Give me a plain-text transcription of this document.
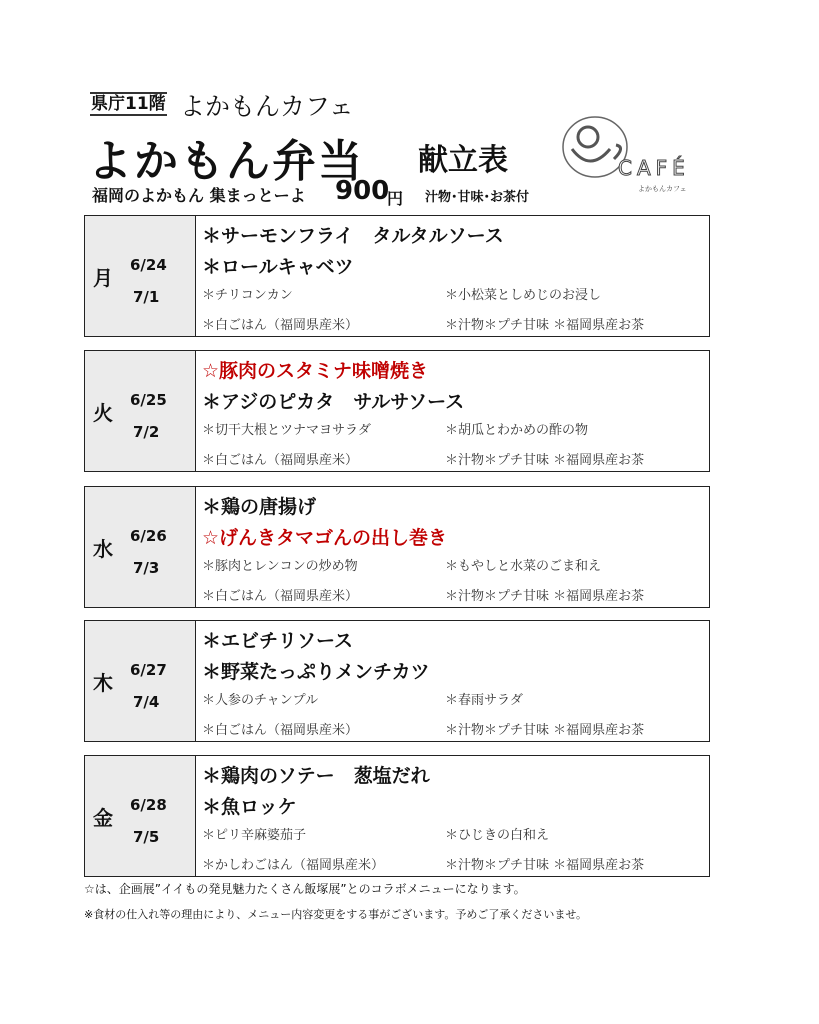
県庁11階 よかもんカフェ
よかもん弁当 献立表
福岡のよかもん 集まっとーよ 900
円 汁物･甘味･お茶付
CAFÉ
よかもんカフェ
月
6/24
7/1
＊サーモンフライ　タルタルソース
＊ロールキャベツ
＊チリコンカン	＊小松菜としめじのお浸し
＊白ごはん（福岡県産米）	＊汁物＊プチ甘味 ＊福岡県産お茶
火
6/25
7/2
☆豚肉のスタミナ味噌焼き
＊アジのピカタ　サルサソース
＊切干大根とツナマヨサラダ	＊胡瓜とわかめの酢の物
＊白ごはん（福岡県産米）	＊汁物＊プチ甘味 ＊福岡県産お茶
水
6/26
7/3
＊鶏の唐揚げ
☆げんきタマゴんの出し巻き
＊豚肉とレンコンの炒め物	＊もやしと水菜のごま和え
＊白ごはん（福岡県産米）	＊汁物＊プチ甘味 ＊福岡県産お茶
木
6/27
7/4
＊エビチリソース
＊野菜たっぷりメンチカツ
＊人参のチャンプル	＊春雨サラダ
＊白ごはん（福岡県産米）	＊汁物＊プチ甘味 ＊福岡県産お茶
金
6/28
7/5
＊鶏肉のソテー　葱塩だれ
＊魚ロッケ
＊ピリ辛麻婆茄子	＊ひじきの白和え
＊かしわごはん（福岡県産米）	＊汁物＊プチ甘味 ＊福岡県産お茶
☆は、企画展”イイもの発見魅力たくさん飯塚展”とのコラボメニューになります。
※食材の仕入れ等の理由により、メニュー内容変更をする事がございます。予めご了承くださいませ。
